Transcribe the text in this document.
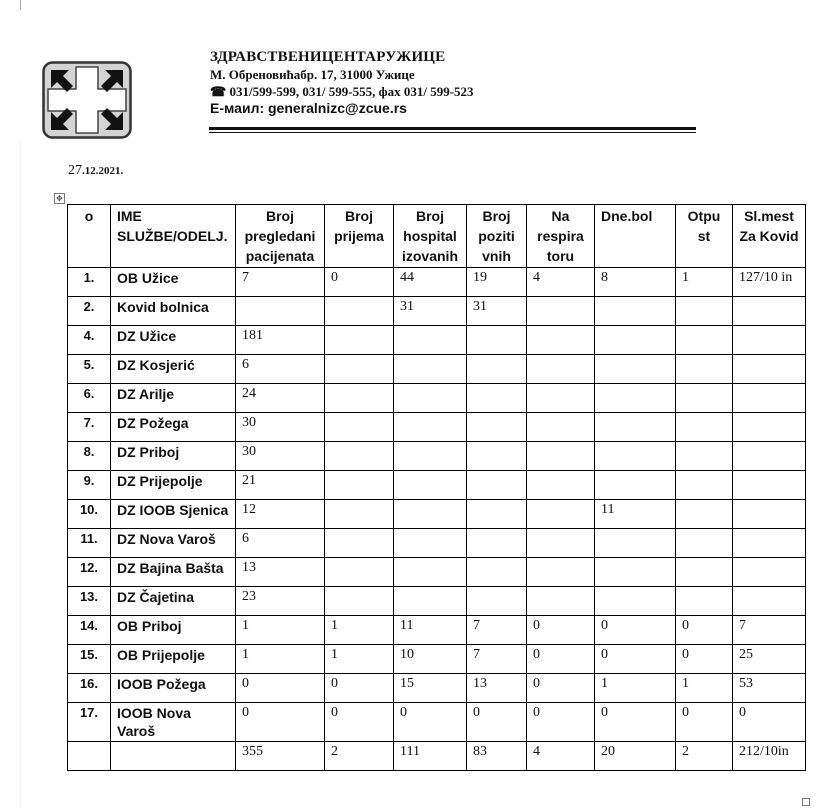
ЗДРАВСТВЕНИЦЕНТАРУЖИЦЕ
М. Обреновићабр. 17, 31000 Ужице
☎ 031/599-599, 031/ 599-555, фах 031/ 599-523
Е-маил: generalnizc@zcue.rs
27.12.2021.
✥
o	IME SLUŽBE/ODELJ.	Broj pregledani pacijenata	Broj prijema	Broj hospital izovanih	Broj poziti vnih	Na respira toru	Dne.bol	Otpu st	Sl.mest Za Kovid
1.	OB Užice	7	0	44	19	4	8	1	127/10 in
2.	Kovid bolnica			31	31				
4.	DZ Užice	181							
5.	DZ Kosjerić	6							
6.	DZ Arilje	24							
7.	DZ Požega	30							
8.	DZ Priboj	30							
9.	DZ Prijepolje	21							
10.	DZ IOOB Sjenica	12					11		
11.	DZ Nova Varoš	6							
12.	DZ Bajina Bašta	13							
13.	DZ Čajetina	23							
14.	OB Priboj	1	1	11	7	0	0	0	7
15.	OB Prijepolje	1	1	10	7	0	0	0	25
16.	IOOB Požega	0	0	15	13	0	1	1	53
17.	IOOB Nova Varoš	0	0	0	0	0	0	0	0
		355	2	111	83	4	20	2	212/10in
